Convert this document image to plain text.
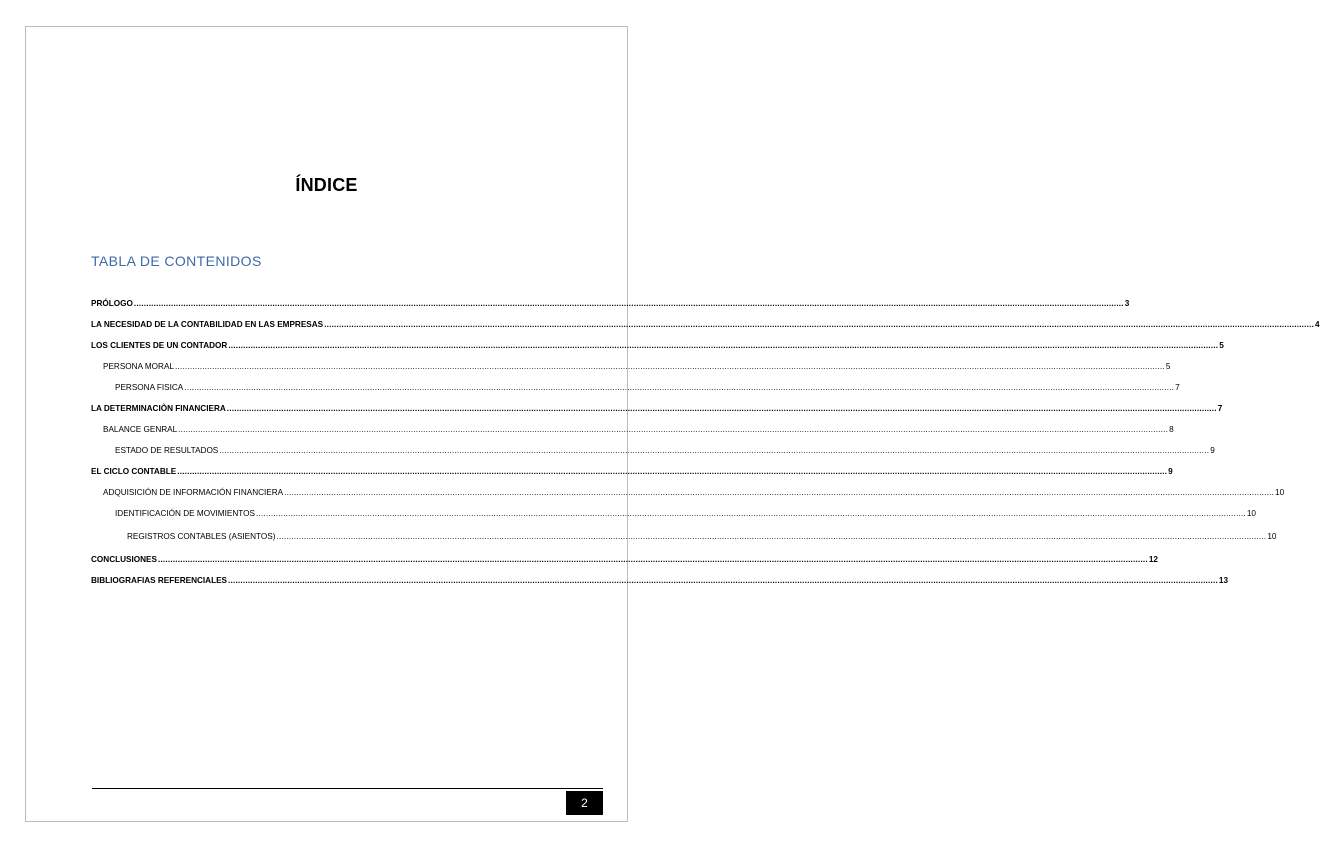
ÍNDICE
TABLA DE CONTENIDOS
PRÓLOGO ................................................................................................................................................................................................................................................................................................................................................................................................................ 3
LA NECESIDAD DE LA CONTABILIDAD EN LAS EMPRESAS ................................................................................................................................................................................................................................................................................................................................................................................................................ 4
LOS CLIENTES DE UN CONTADOR ................................................................................................................................................................................................................................................................................................................................................................................................................ 5
PERSONA MORAL ................................................................................................................................................................................................................................................................................................................................................................................................................ 5
PERSONA FISICA ................................................................................................................................................................................................................................................................................................................................................................................................................ 7
LA DETERMINACIÒN FINANCIERA ................................................................................................................................................................................................................................................................................................................................................................................................................ 7
BALANCE GENRAL ................................................................................................................................................................................................................................................................................................................................................................................................................ 8
ESTADO DE RESULTADOS ................................................................................................................................................................................................................................................................................................................................................................................................................ 9
EL CICLO CONTABLE ................................................................................................................................................................................................................................................................................................................................................................................................................ 9
ADQUISICIÓN DE INFORMACIÓN FINANCIERA ................................................................................................................................................................................................................................................................................................................................................................................................................ 10
IDENTIFICACIÓN DE MOVIMIENTOS ................................................................................................................................................................................................................................................................................................................................................................................................................ 10
REGISTROS CONTABLES (ASIENTOS) ................................................................................................................................................................................................................................................................................................................................................................................................................ 10
CONCLUSIONES ................................................................................................................................................................................................................................................................................................................................................................................................................ 12
BIBLIOGRAFIAS REFERENCIALES ................................................................................................................................................................................................................................................................................................................................................................................................................ 13
2
